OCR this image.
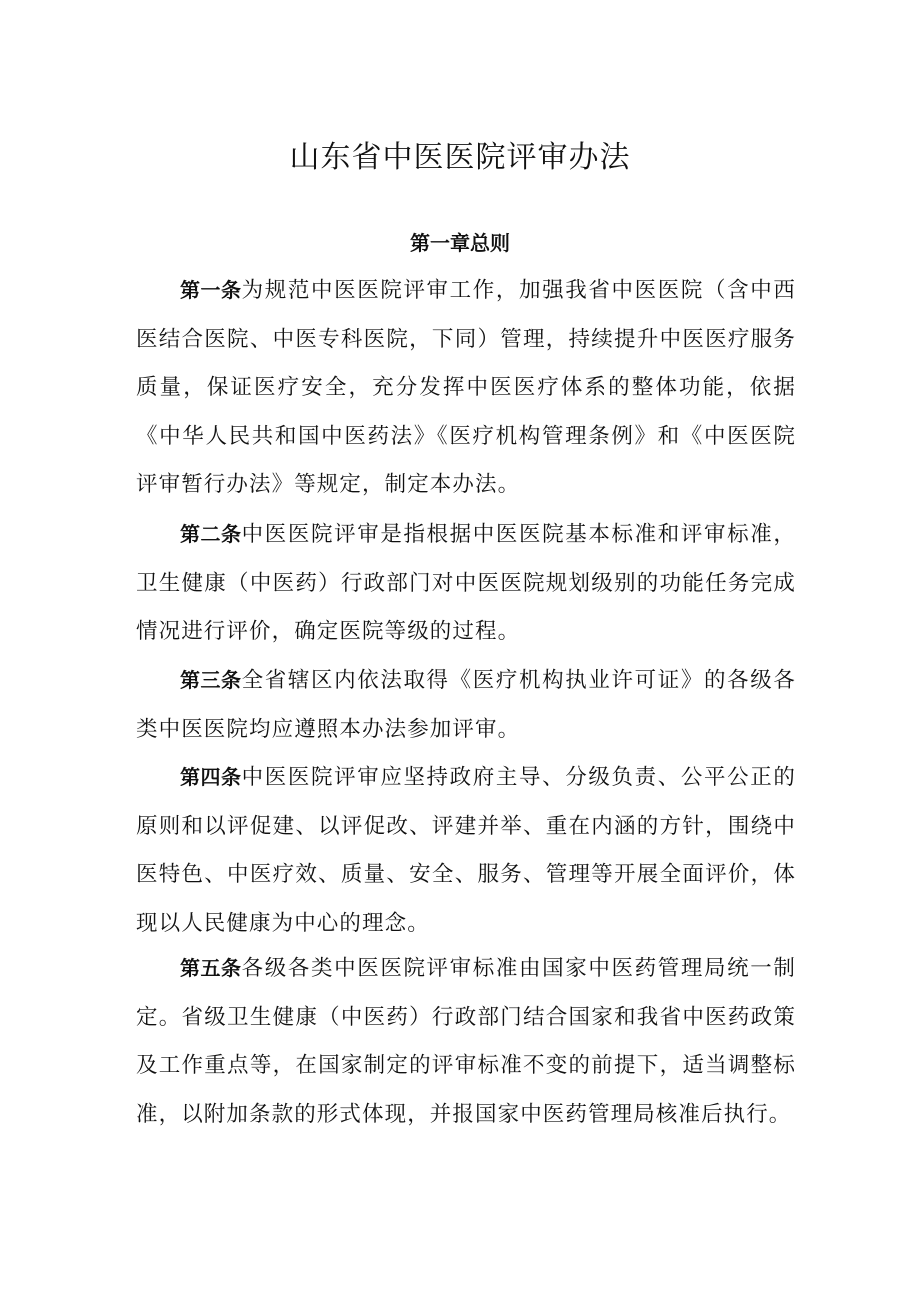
山东省中医医院评审办法
第一章总则

第一条为规范中医医院评审工作，加强我省中医医院（含中西医结合医院、中医专科医院，下同）管理，持续提升中医医疗服务质量，保证医疗安全，充分发挥中医医疗体系的整体功能，依据《中华人民共和国中医药法》《医疗机构管理条例》和《中医医院评审暂行办法》等规定，制定本办法。

第二条中医医院评审是指根据中医医院基本标准和评审标准，卫生健康（中医药）行政部门对中医医院规划级别的功能任务完成情况进行评价，确定医院等级的过程。

第三条全省辖区内依法取得《医疗机构执业许可证》的各级各类中医医院均应遵照本办法参加评审。

第四条中医医院评审应坚持政府主导、分级负责、公平公正的原则和以评促建、以评促改、评建并举、重在内涵的方针，围绕中医特色、中医疗效、质量、安全、服务、管理等开展全面评价，体现以人民健康为中心的理念。

第五条各级各类中医医院评审标准由国家中医药管理局统一制定。省级卫生健康（中医药）行政部门结合国家和我省中医药政策及工作重点等，在国家制定的评审标准不变的前提下，适当调整标准，以附加条款的形式体现，并报国家中医药管理局核准后执行。
